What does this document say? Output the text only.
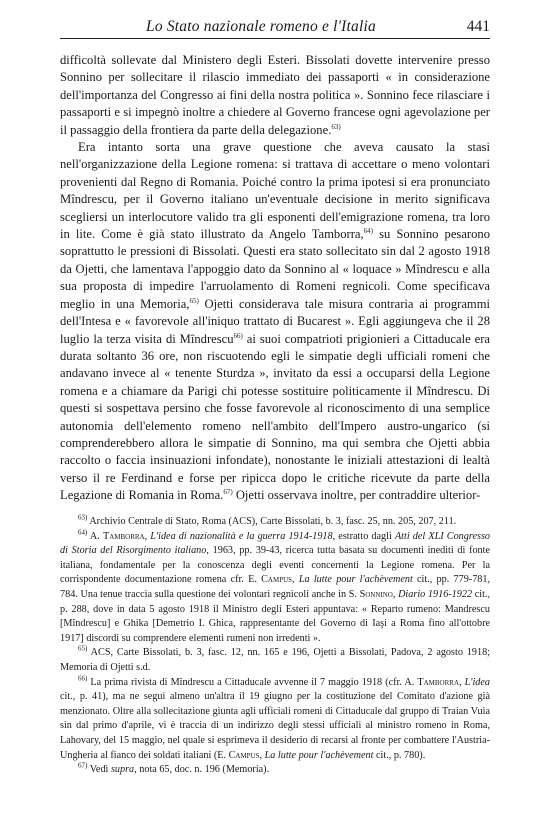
Lo Stato nazionale romeno e l'Italia	441

difficoltà sollevate dal Ministero degli Esteri. Bissolati dovette intervenire presso Sonnino per sollecitare il rilascio immediato dei passaporti « in considerazione dell'importanza del Congresso ai fini della nostra politica ». Sonnino fece rilasciare i passaporti e si impegnò inoltre a chiedere al Governo francese ogni agevolazione per il passaggio della frontiera da parte della delegazione.$^{63)}$

Era intanto sorta una grave questione che aveva causato la stasi nell'organizzazione della Legione romena: si trattava di accettare o meno volontari provenienti dal Regno di Romania. Poiché contro la prima ipotesi si era pronunciato Mîndrescu, per il Governo italiano un'eventuale decisione in merito significava scegliersi un interlocutore valido tra gli esponenti dell'emigrazione romena, tra loro in lite. Come è già stato illustrato da Angelo Tamborra,$^{64)}$ su Sonnino pesarono soprattutto le pressioni di Bissolati. Questi era stato sollecitato sin dal 2 agosto 1918 da Ojetti, che lamentava l'appoggio dato da Sonnino al « loquace » Mîndrescu e alla sua proposta di impedire l'arruolamento di Romeni regnicoli. Come specificava meglio in una Memoria,$^{65)}$ Ojetti considerava tale misura contraria ai programmi dell'Intesa e « favorevole all'iniquo trattato di Bucarest ». Egli aggiungeva che il 28 luglio la terza visita di Mîndrescu$^{66)}$ ai suoi compatrioti prigionieri a Cittaducale era durata soltanto 36 ore, non riscuotendo egli le simpatie degli ufficiali romeni che andavano invece al « tenente Sturdza », invitato da essi a occuparsi della Legione romena e a chiamare da Parigi chi potesse sostituire politicamente il Mîndrescu. Di questi si sospettava persino che fosse favorevole al riconoscimento di una semplice autonomia dell'elemento romeno nell'ambito dell'Impero austro-ungarico (si comprenderebbero allora le simpatie di Sonnino, ma qui sembra che Ojetti abbia raccolto o faccia insinuazioni infondate), nonostante le iniziali attestazioni di lealtà verso il re Ferdinand e forse per ripicca dopo le critiche ricevute da parte della Legazione di Romania in Roma.$^{67)}$ Ojetti osservava inoltre, per contraddire ulterior-

$^{63)}$ Archivio Centrale di Stato, Roma (ACS), Carte Bissolati, b. 3, fasc. 25, nn. 205, 207, 211.

$^{64)}$ A. Tamborra, L'idea di nazionalità e la guerra 1914-1918, estratto dagli Atti del XLI Congresso di Storia del Risorgimento italiano, 1963, pp. 39-43, ricerca tutta basata su documenti inediti di fonte italiana, fondamentale per la conoscenza degli eventi concernenti la Legione romena. Per la corrispondente documentazione romena cfr. E. Campus, La lutte pour l'achèvement cit., pp. 779-781, 784. Una tenue traccia sulla questione dei volontari regnicoli anche in S. Sonnino, Diario 1916-1922 cit., p. 288, dove in data 5 agosto 1918 il Ministro degli Esteri appuntava: « Reparto rumeno: Mandrescu [Mîndrescu] e Ghika [Demetrio I. Ghica, rappresentante del Governo di Iaşi a Roma fino all'ottobre 1917] discordi su comprendere elementi rumeni non irredenti ».

$^{65)}$ ACS, Carte Bissolati, b. 3, fasc. 12, nn. 165 e 196, Ojetti a Bissolati, Padova, 2 agosto 1918; Memoria di Ojetti s.d.

$^{66)}$ La prima rivista di Mîndrescu a Cittaducale avvenne il 7 maggio 1918 (cfr. A. Tamborra, L'idea cit., p. 41), ma ne seguì almeno un'altra il 19 giugno per la costituzione del Comitato d'azione già menzionato. Oltre alla sollecitazione giunta agli ufficiali romeni di Cittaducale dal gruppo di Traian Vuia sin dal primo d'aprile, vi è traccia di un indirizzo degli stessi ufficiali al ministro romeno in Roma, Lahovary, del 15 maggio, nel quale si esprimeva il desiderio di recarsi al fronte per combattere l'Austria-Ungheria al fianco dei soldati italiani (E. Campus, La lutte pour l'achèvement cit., p. 780).

$^{67)}$ Vedi supra, nota 65, doc. n. 196 (Memoria).
